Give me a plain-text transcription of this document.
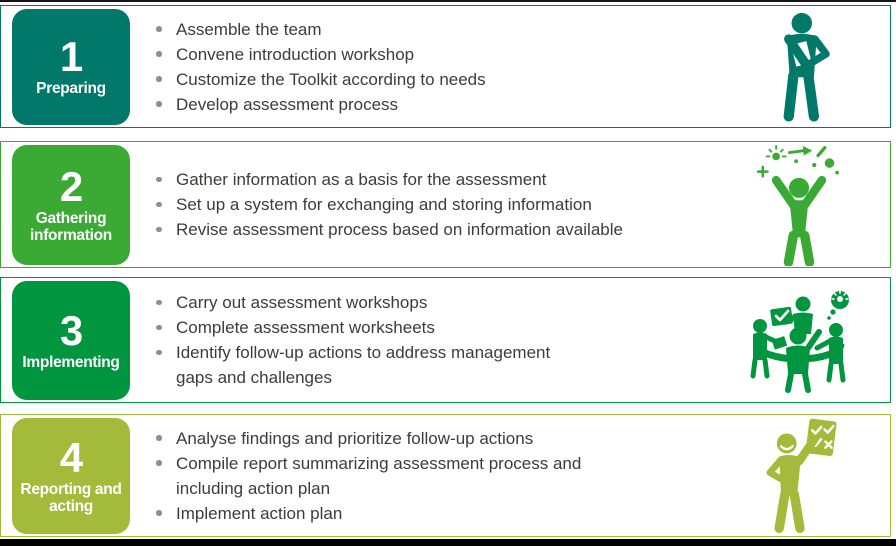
1
Preparing
Assemble the team
Convene introduction workshop
Customize the Toolkit according to needs
Develop assessment process
2
Gathering information
Gather information as a basis for the assessment
Set up a system for exchanging and storing information
Revise assessment process based on information available
3
Implementing
Carry out assessment workshops
Complete assessment worksheets
Identify follow-up actions to address management gaps and challenges
4
Reporting and acting
Analyse findings and prioritize follow-up actions
Compile report summarizing assessment process and including action plan
Implement action plan
